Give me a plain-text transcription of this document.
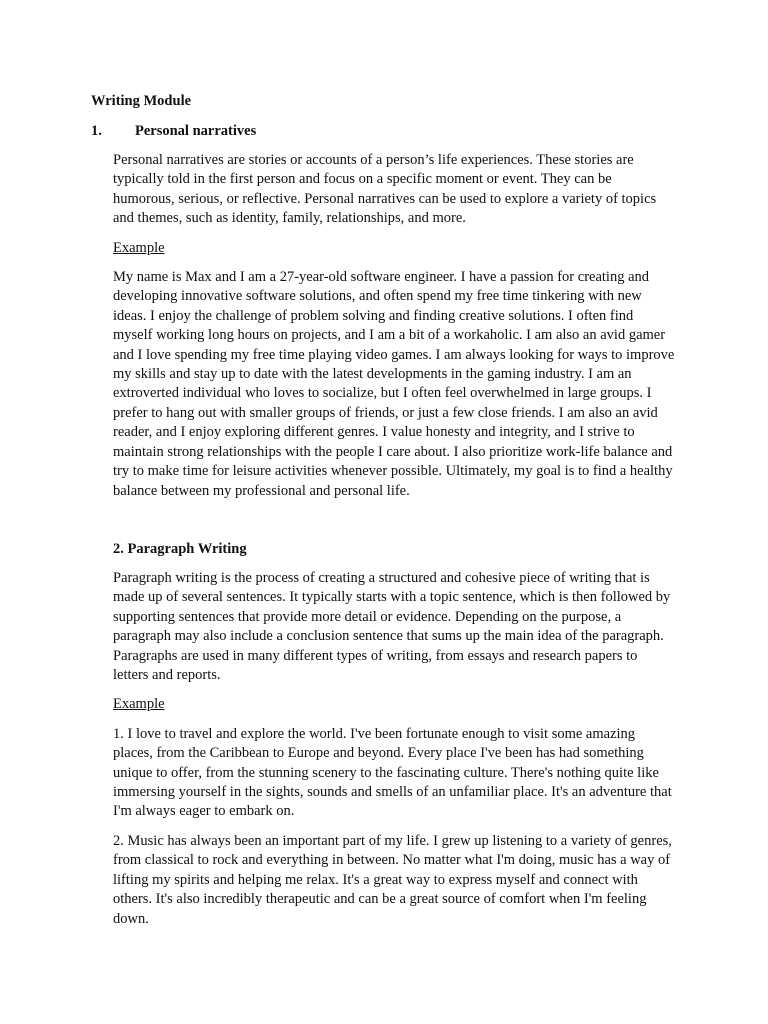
Writing Module
1. Personal narratives

Personal narratives are stories or accounts of a person’s life experiences. These stories are typically told in the first person and focus on a specific moment or event. They can be humorous, serious, or reflective. Personal narratives can be used to explore a variety of topics and themes, such as identity, family, relationships, and more.

Example

My name is Max and I am a 27-year-old software engineer. I have a passion for creating and developing innovative software solutions, and often spend my free time tinkering with new ideas. I enjoy the challenge of problem solving and finding creative solutions. I often find myself working long hours on projects, and I am a bit of a workaholic. I am also an avid gamer and I love spending my free time playing video games. I am always looking for ways to improve my skills and stay up to date with the latest developments in the gaming industry. I am an extroverted individual who loves to socialize, but I often feel overwhelmed in large groups. I prefer to hang out with smaller groups of friends, or just a few close friends. I am also an avid reader, and I enjoy exploring different genres. I value honesty and integrity, and I strive to maintain strong relationships with the people I care about. I also prioritize work-life balance and try to make time for leisure activities whenever possible. Ultimately, my goal is to find a healthy balance between my professional and personal life.

2. Paragraph Writing

Paragraph writing is the process of creating a structured and cohesive piece of writing that is made up of several sentences. It typically starts with a topic sentence, which is then followed by supporting sentences that provide more detail or evidence. Depending on the purpose, a paragraph may also include a conclusion sentence that sums up the main idea of the paragraph. Paragraphs are used in many different types of writing, from essays and research papers to letters and reports.

Example

1. I love to travel and explore the world. I've been fortunate enough to visit some amazing places, from the Caribbean to Europe and beyond. Every place I've been has had something unique to offer, from the stunning scenery to the fascinating culture. There's nothing quite like immersing yourself in the sights, sounds and smells of an unfamiliar place. It's an adventure that I'm always eager to embark on.

2. Music has always been an important part of my life. I grew up listening to a variety of genres, from classical to rock and everything in between. No matter what I'm doing, music has a way of lifting my spirits and helping me relax. It's a great way to express myself and connect with others. It's also incredibly therapeutic and can be a great source of comfort when I'm feeling down.
